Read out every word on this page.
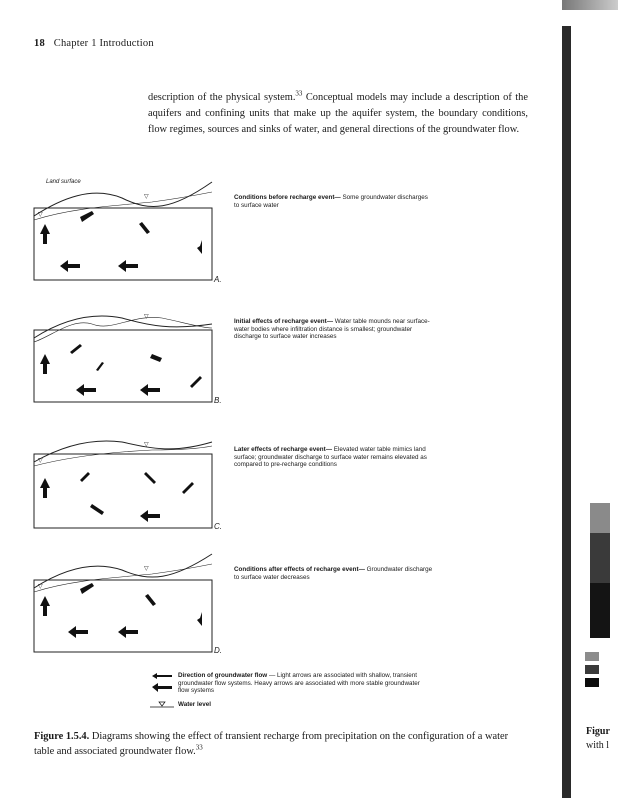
18 Chapter 1 Introduction

description of the physical system.$^{33}$ Conceptual models may include a description of the aquifers and confining units that make up the aquifer system, the boundary conditions, flow regimes, sources and sinks of water, and general directions of the groundwater flow.

▽
▽
Land surface
A.
Conditions before recharge event— Some groundwater discharges to surface water
▽
B.
Initial effects of recharge event— Water table mounds near surface-water bodies where infiltration distance is smallest; groundwater discharge to surface water increases
▽
▽
C.
Later effects of recharge event— Elevated water table mimics land surface; groundwater discharge to surface water remains elevated as compared to pre-recharge conditions
▽
▽
D.
Conditions after effects of recharge event— Groundwater discharge to surface water decreases
Direction of groundwater flow — Light arrows are associated with shallow, transient groundwater flow systems. Heavy arrows are associated with more stable groundwater flow systems
Water level
Figure 1.5.4. Diagrams showing the effect of transient recharge from precipitation on the configuration of a water table and associated groundwater flow.$^{33}$
Figur
with l
